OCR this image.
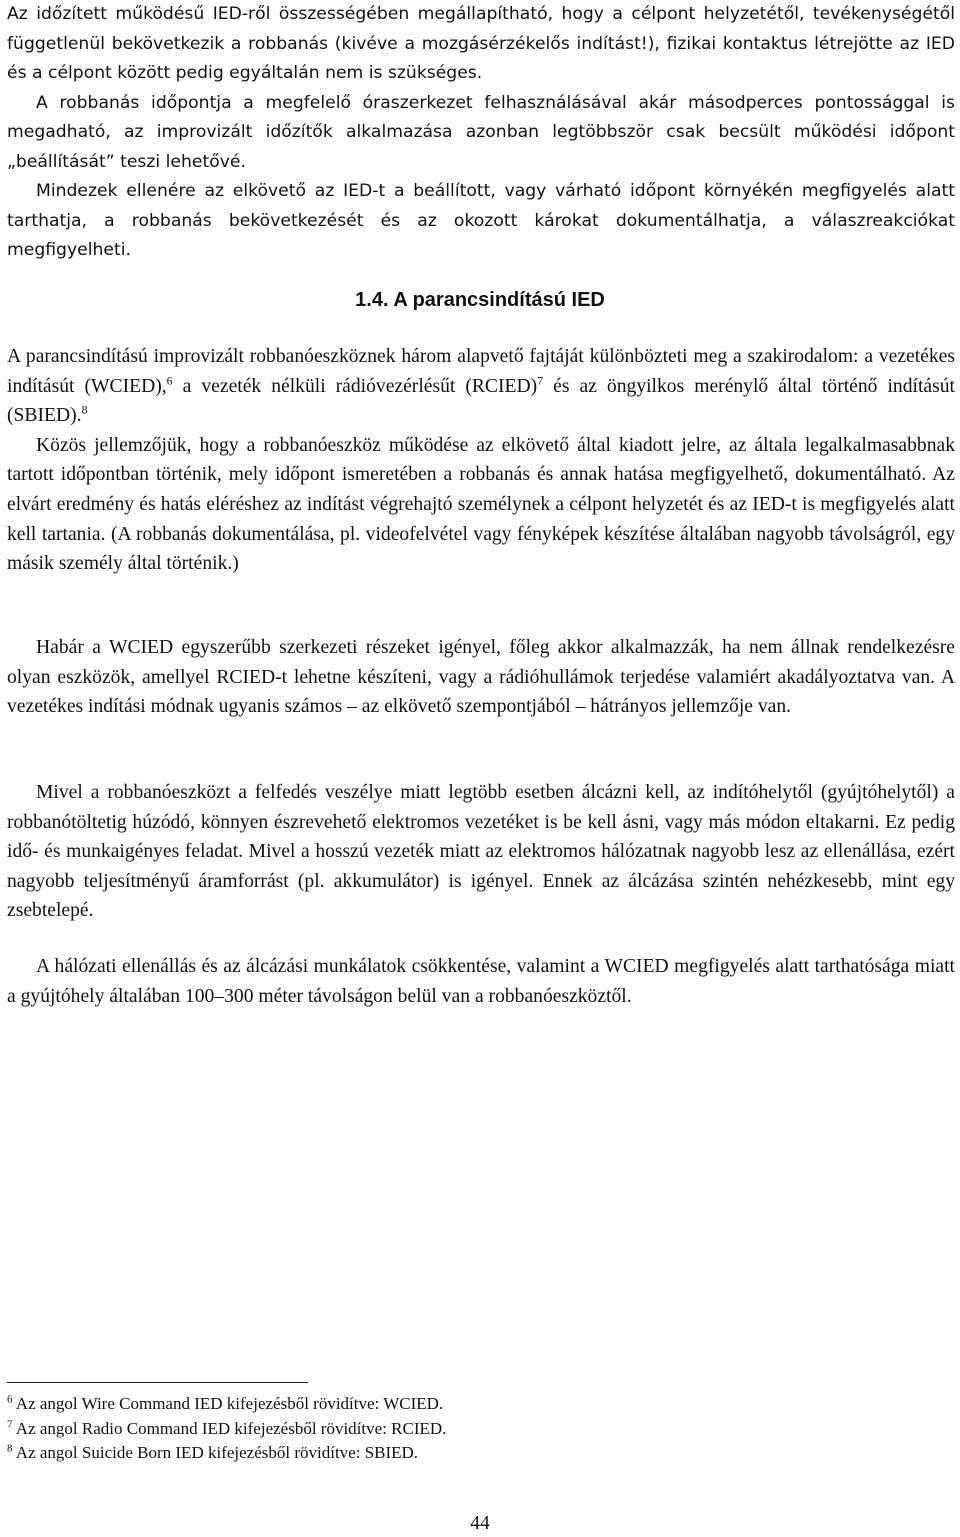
Az időzített működésű IED-ről összességében megállapítható, hogy a célpont helyzetétől, tevékenységétől függetlenül bekövetkezik a robbanás (kivéve a mozgásérzékelős indítást!), fizikai kontaktus létrejötte az IED és a célpont között pedig egyáltalán nem is szükséges.

A robbanás időpontja a megfelelő óraszerkezet felhasználásával akár másodperces pontossággal is megadható, az improvizált időzítők alkalmazása azonban legtöbbször csak becsült működési időpont „beállítását” teszi lehetővé.

Mindezek ellenére az elkövető az IED-t a beállított, vagy várható időpont környékén megfigyelés alatt tarthatja, a robbanás bekövetkezését és az okozott károkat dokumentálhatja, a válaszreakciókat megfigyelheti.

1.4. A parancsindítású IED

A parancsindítású improvizált robbanóeszköznek három alapvető fajtáját különbözteti meg a szakirodalom: a vezetékes indításút (WCIED),$^6$ a vezeték nélküli rádióvezérlésűt (RCIED)$^7$ és az öngyilkos merénylő által történő indításút (SBIED).$^8$

Közös jellemzőjük, hogy a robbanóeszköz működése az elkövető által kiadott jelre, az általa legalkalmasabbnak tartott időpontban történik, mely időpont ismeretében a robbanás és annak hatása megfigyelhető, dokumentálható. Az elvárt eredmény és hatás eléréshez az indítást végrehajtó személynek a célpont helyzetét és az IED-t is megfigyelés alatt kell tartania. (A robbanás dokumentálása, pl. videofelvétel vagy fényképek készítése általában nagyobb távolságról, egy másik személy által történik.)

Habár a WCIED egyszerűbb szerkezeti részeket igényel, főleg akkor alkalmazzák, ha nem állnak rendelkezésre olyan eszközök, amellyel RCIED-t lehetne készíteni, vagy a rádióhullámok terjedése valamiért akadályoztatva van. A vezetékes indítási módnak ugyanis számos – az elkövető szempontjából – hátrányos jellemzője van.

Mivel a robbanóeszközt a felfedés veszélye miatt legtöbb esetben álcázni kell, az indítóhelytől (gyújtóhelytől) a robbanótöltetig húzódó, könnyen észrevehető elektromos vezetéket is be kell ásni, vagy más módon eltakarni. Ez pedig idő- és munkaigényes feladat. Mivel a hosszú vezeték miatt az elektromos hálózatnak nagyobb lesz az ellenállása, ezért nagyobb teljesítményű áramforrást (pl. akkumulátor) is igényel. Ennek az álcázása szintén nehézkesebb, mint egy zsebtelepé.

A hálózati ellenállás és az álcázási munkálatok csökkentése, valamint a WCIED megfigyelés alatt tarthatósága miatt a gyújtóhely általában 100–300 méter távolságon belül van a robbanóeszköztől.

$^6$ Az angol Wire Command IED kifejezésből rövidítve: WCIED.
$^7$ Az angol Radio Command IED kifejezésből rövidítve: RCIED.
$^8$ Az angol Suicide Born IED kifejezésből rövidítve: SBIED.
44
